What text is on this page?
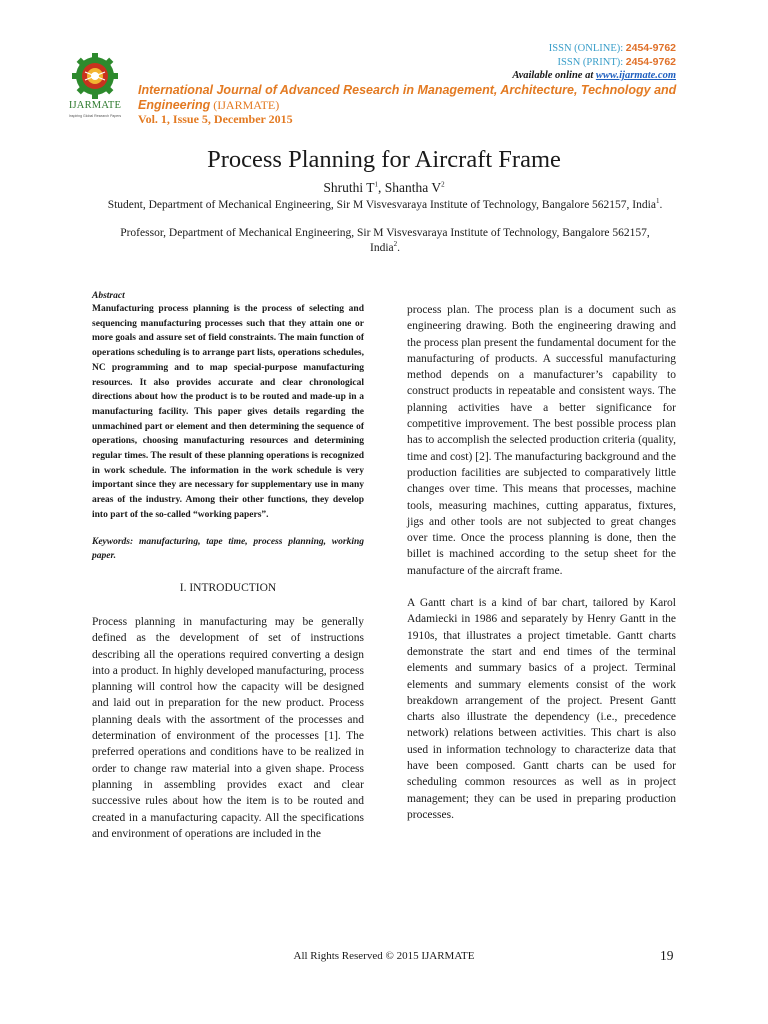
ISSN (ONLINE): 2454-9762
ISSN (PRINT): 2454-9762
Available online at www.ijarmate.com
IJARMATE
Inspiring Global Research Papers
International Journal of Advanced Research in Management, Architecture, Technology and Engineering (IJARMATE)
Vol. 1, Issue 5, December 2015
Process Planning for Aircraft Frame
Shruthi $T^1$, Shantha $V^2$
Student, Department of Mechanical Engineering, Sir M Visvesvaraya Institute of Technology, Bangalore 562157, India$^1$.
Professor, Department of Mechanical Engineering, Sir M Visvesvaraya Institute of Technology, Bangalore 562157, India$^2$.
Abstract
Manufacturing process planning is the process of selecting and sequencing manufacturing processes such that they attain one or more goals and assure set of field constraints. The main function of operations scheduling is to arrange part lists, operations schedules, NC programming and to map special-purpose manufacturing resources. It also provides accurate and clear chronological directions about how the product is to be routed and made-up in a manufacturing facility. This paper gives details regarding the unmachined part or element and then determining the sequence of operations, choosing manufacturing resources and determining regular times. The result of these planning operations is recognized in work schedule. The information in the work schedule is very important since they are necessary for supplementary use in many areas of the industry. Among their other functions, they develop into part of the so-called “working papers”.
Keywords: manufacturing, tape time, process planning, working paper.
I. INTRODUCTION
Process planning in manufacturing may be generally defined as the development of set of instructions describing all the operations required converting a design into a product. In highly developed manufacturing, process planning will control how the capacity will be designed and laid out in preparation for the new product. Process planning deals with the assortment of the processes and determination of environment of the processes [1]. The preferred operations and conditions have to be realized in order to change raw material into a given shape. Process planning in assembling provides exact and clear successive rules about how the item is to be routed and created in a manufacturing capacity. All the specifications and environment of operations are included in the
process plan. The process plan is a document such as engineering drawing. Both the engineering drawing and the process plan present the fundamental document for the manufacturing of products. A successful manufacturing method depends on a manufacturer’s capability to construct products in repeatable and consistent ways. The planning activities have a better significance for competitive improvement. The best possible process plan has to accomplish the selected production criteria (quality, time and cost) [2]. The manufacturing background and the production facilities are subjected to comparatively little changes over time. This means that processes, machine tools, measuring machines, cutting apparatus, fixtures, jigs and other tools are not subjected to great changes over time. Once the process planning is done, then the billet is machined according to the setup sheet for the manufacture of the aircraft frame.
A Gantt chart is a kind of bar chart, tailored by Karol Adamiecki in 1986 and separately by Henry Gantt in the 1910s, that illustrates a project timetable. Gantt charts demonstrate the start and end times of the terminal elements and summary basics of a project. Terminal elements and summary elements consist of the work breakdown arrangement of the project. Present Gantt charts also illustrate the dependency (i.e., precedence network) relations between activities. This chart is also used in information technology to characterize data that have been composed. Gantt charts can be used for scheduling common resources as well as in project management; they can be used in preparing production processes.
All Rights Reserved © 2015 IJARMATE	19
